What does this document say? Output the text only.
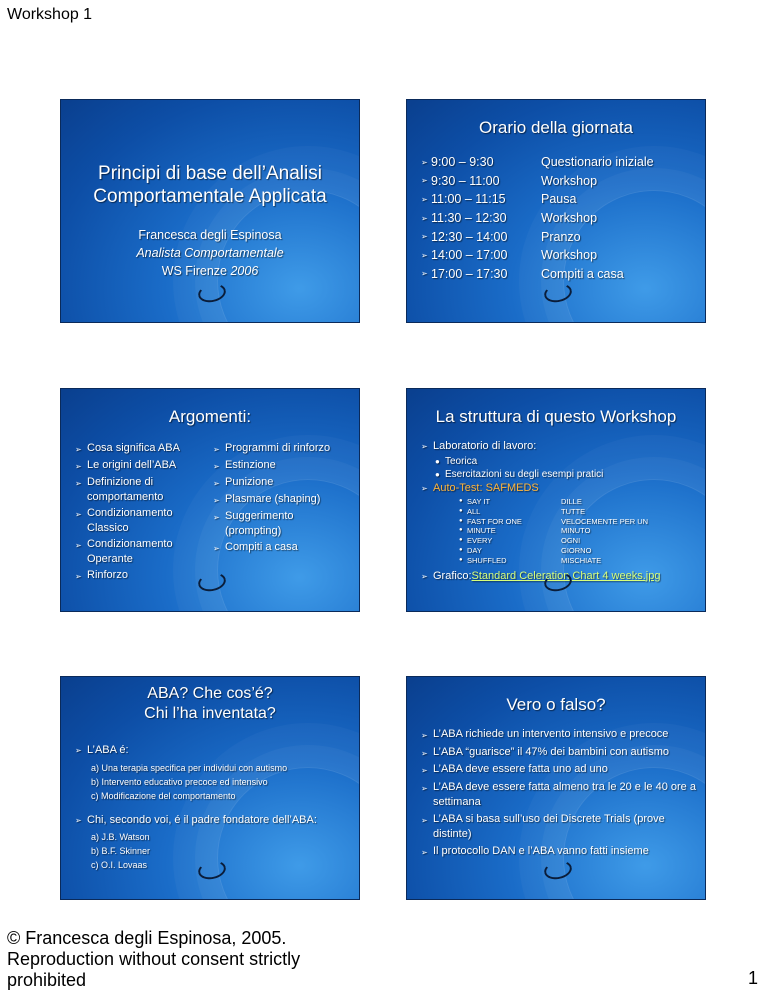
Workshop 1
Principi di base dell’Analisi
Comportamentale Applicata
Francesca degli Espinosa
Analista Comportamentale
WS Firenze 2006
Orario della giornata
➢ 9:00 – 9:30	Questionario iniziale
➢ 9:30 – 11:00	Workshop
➢ 11:00 – 11:15	Pausa
➢ 11:30 – 12:30	Workshop
➢ 12:30 – 14:00	Pranzo
➢ 14:00 – 17:00	Workshop
➢ 17:00 – 17:30	Compiti a casa
Argomenti:
➢ Cosa significa ABA
➢ Le origini dell’ABA
➢ Definizione di comportamento
➢ Condizionamento Classico
➢ Condizionamento Operante
➢ Rinforzo
➢ Programmi di rinforzo
➢ Estinzione
➢ Punizione
➢ Plasmare (shaping)
➢ Suggerimento (prompting)
➢ Compiti a casa
La struttura di questo Workshop
➢ Laboratorio di lavoro:
● Teorica
● Esercitazioni su degli esempi pratici
➢ Auto-Test: SAFMEDS
● SAY IT	DILLE
● ALL	TUTTE
● FAST FOR ONE	VELOCEMENTE PER UN
● MINUTE	MINUTO
● EVERY	OGNI
● DAY	GIORNO
● SHUFFLED	MISCHIATE
➢ Grafico: Standard Celeration Chart 4 weeks.jpg
ABA? Che cos’é?
Chi l’ha inventata?
➢ L’ABA é:
a) Una terapia specifica per individui con autismo
b) Intervento educativo precoce ed intensivo
c) Modificazione del comportamento
➢ Chi, secondo voi, é il padre fondatore dell’ABA:
a) J.B. Watson
b) B.F. Skinner
c) O.I. Lovaas
Vero o falso?
➢ L’ABA richiede un intervento intensivo e precoce
➢ L’ABA “guarisce” il 47% dei bambini con autismo
➢ L’ABA deve essere fatta uno ad uno
➢ L’ABA deve essere fatta almeno tra le 20 e le 40 ore a settimana
➢ L’ABA si basa sull’uso dei Discrete Trials (prove distinte)
➢ Il protocollo DAN e l’ABA vanno fatti insieme
© Francesca degli Espinosa, 2005. Reproduction without consent strictly prohibited	1
